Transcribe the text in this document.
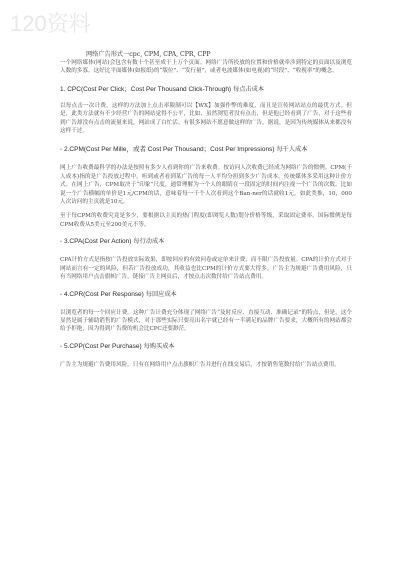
120资料
网络广告形式一cpc, CPM, CPA, CPR, CPP

一个网络媒体(网站)会包含有数十个甚至成千上万个页面。网络广告所投放的位置和价格就牵涉到特定的页面以及浏览人数的多寡。这好比平面媒体(如报纸)的“版位”、“发行量”，或者电波媒体(如电视)的“时段”、“收视率”的概念。

1. CPC(Cost Per Click；Cost Per Thousand Click-Through) 每点击成本

以每点击一次计费。这样的方法加上点击率限制可以【WX】加强作弊的难度，而且是宣传网站站点的最优方式。但是，此类方法就有不少经营广告的网站觉得不公平，比如，虽然浏览者没有点击，但是他已经看到了广告，对于这些看到广告却没有点击的流量来说，网站成了白忙活。有很多网站不愿意做这样的广告，据说，是因为传统媒体从来都没有这样干过。

• 2.CPM(Cost Per Mille，或者 Cost Per Thousand；Cost Per Impressions) 每千人成本

网上广告收费最科学的办法是按照有多少人看到你的广告来收费。按访问人次收费已经成为网络广告的惯例。CPM(千人成本)指的是广告投放过程中，听到或者看到某广告的每一人平均分担到多少广告成本。传统媒体多采用这种计价方式。在网上广告，CPM取决于“印象”尺度，通常理解为一个人的眼睛在一段固定的时间内注视一个广告的次数。比如说一个广告横幅的单价是1元/CPM的话，意味着每一千个人次看到这个Ban-ner的话就收1元，如此类推，10，000人次访问的主页就是10元。

至于每CPM的收费究竟是多少，要根据以主页的热门程度(即浏览人数)划分价格等级，采取固定费率。国际惯例是每CPM收费从5美元至200美元不等。

• 3.CPA(Cost Per Action) 每行动成本

CPA计价方式是指按广告投放实际效果，即按回应的有效问卷或定单来计费，而不限广告投放量。CPA的计价方式对于网站而言有一定的风险，但若广告投放成功，其收益也比CPM的计价方式要大得多。广告主为规避广告费用风险，只有当网络用户点击旗帜广告，链接广告主网页后，才按点击次数付给广告站点费用。

• 4.CPR(Cost Per Response) 每回应成本

以浏览者的每一个回应计费。这种广告计费充分体现了网络广告“及时反应、直接互动、准确记录”的特点，但是，这个显然是属于辅助销售的广告模式，对于那些实际只要亮出名字就已经有一半满足的品牌广告要求，大概所有的网站都会给予拒绝，因为得到广告费的机会比CPC还要渺茫。

• 5.CPP(Cost Per Purchase) 每购买成本

广告主为规避广告费用风险，只有在网络用户点击旗帜广告并进行在线交易后，才按销售笔数付给广告站点费用。
